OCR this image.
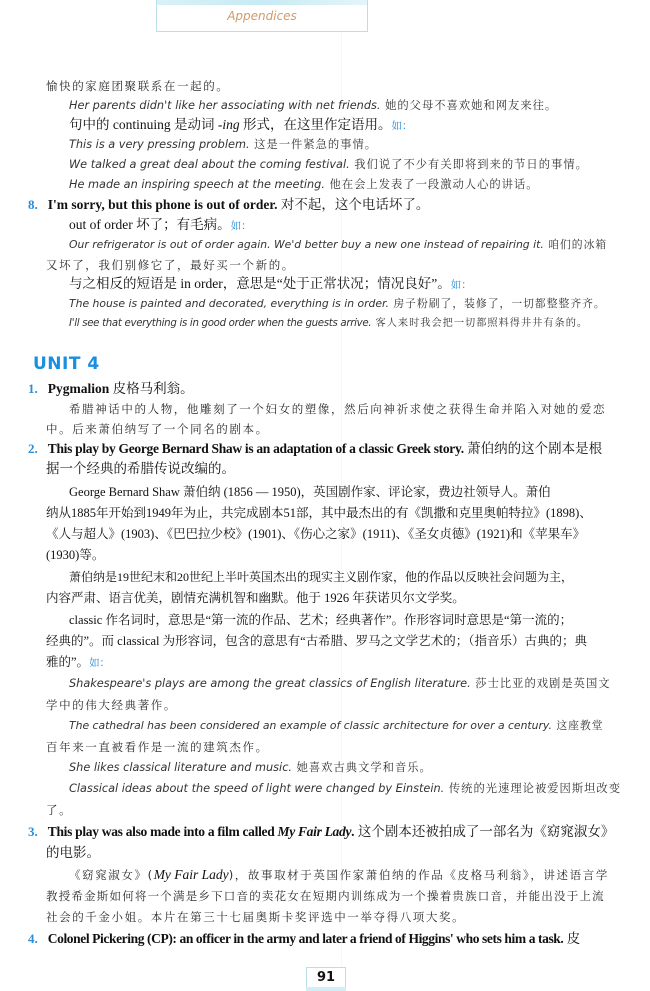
Appendices
愉快的家庭团聚联系在一起的。
Her parents didn't like her associating with net friends. 她的父母不喜欢她和网友来往。
句中的 continuing 是动词 -ing 形式，在这里作定语用。如：
This is a very pressing problem. 这是一件紧急的事情。
We talked a great deal about the coming festival. 我们说了不少有关即将到来的节日的事情。
He made an inspiring speech at the meeting. 他在会上发表了一段激动人心的讲话。
8. I'm sorry, but this phone is out of order. 对不起，这个电话坏了。
out of order 坏了；有毛病。如：
Our refrigerator is out of order again. We'd better buy a new one instead of repairing it. 咱们的冰箱
又坏了，我们别修它了，最好买一个新的。
与之相反的短语是 in order，意思是“处于正常状况；情况良好”。如：
The house is painted and decorated, everything is in order. 房子粉刷了，装修了，一切都整整齐齐。
I'll see that everything is in good order when the guests arrive. 客人来时我会把一切都照料得井井有条的。
UNIT 4
1. Pygmalion 皮格马利翁。
希腊神话中的人物，他雕刻了一个妇女的塑像，然后向神祈求使之获得生命并陷入对她的爱恋
中。后来萧伯纳写了一个同名的剧本。
2. This play by George Bernard Shaw is an adaptation of a classic Greek story. 萧伯纳的这个剧本是根
据一个经典的希腊传说改编的。
George Bernard Shaw 萧伯纳 (1856 — 1950)，英国剧作家、评论家，费边社领导人。萧伯
纳从1885年开始到1949年为止，共完成剧本51部，其中最杰出的有《凯撒和克里奥帕特拉》(1898)、
《人与超人》(1903)、《巴巴拉少校》(1901)、《伤心之家》(1911)、《圣女贞德》(1921)和《苹果车》
(1930)等。
萧伯纳是19世纪末和20世纪上半叶英国杰出的现实主义剧作家，他的作品以反映社会问题为主，
内容严肃、语言优美，剧情充满机智和幽默。他于 1926 年获诺贝尔文学奖。
classic 作名词时，意思是“第一流的作品、艺术；经典著作”。作形容词时意思是“第一流的；
经典的”。而 classical 为形容词，包含的意思有“古希腊、罗马之文学艺术的；（指音乐）古典的；典
雅的”。如：
Shakespeare's plays are among the great classics of English literature. 莎士比亚的戏剧是英国文
学中的伟大经典著作。
The cathedral has been considered an example of classic architecture for over a century. 这座教堂
百年来一直被看作是一流的建筑杰作。
She likes classical literature and music. 她喜欢古典文学和音乐。
Classical ideas about the speed of light were changed by Einstein. 传统的光速理论被爱因斯坦改变
了。
3. This play was also made into a film called My Fair Lady. 这个剧本还被拍成了一部名为《窈窕淑女》
的电影。
《窈窕淑女》(My Fair Lady)，故事取材于英国作家萧伯纳的作品《皮格马利翁》，讲述语言学
教授希金斯如何将一个满是乡下口音的卖花女在短期内训练成为一个操着贵族口音，并能出没于上流
社会的千金小姐。本片在第三十七届奥斯卡奖评选中一举夺得八项大奖。
4. Colonel Pickering (CP): an officer in the army and later a friend of Higgins' who sets him a task. 皮
91
